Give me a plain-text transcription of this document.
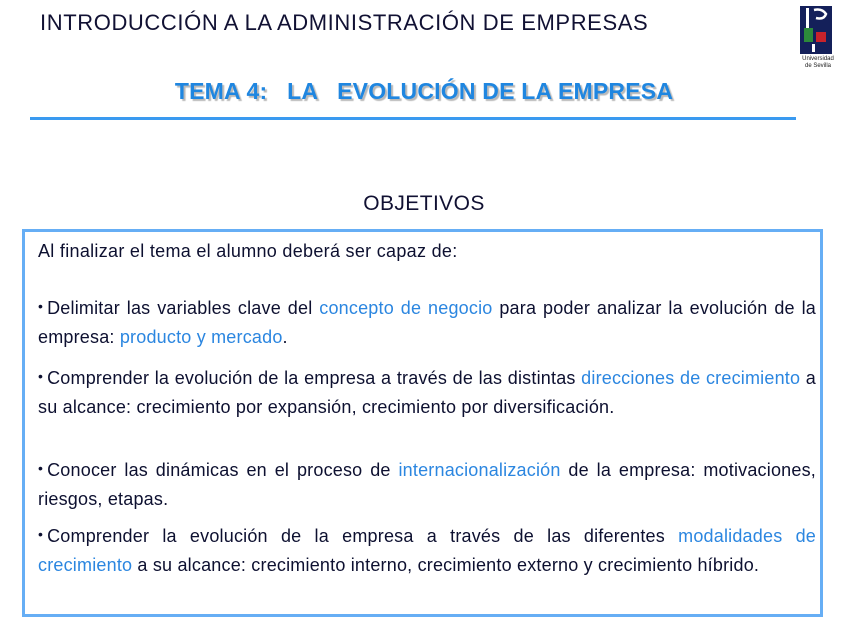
INTRODUCCIÓN A LA ADMINISTRACIÓN DE EMPRESAS
Universidad
de Sevilla
TEMA 4:   LA   EVOLUCIÓN DE LA EMPRESA
OBJETIVOS
Al finalizar el tema el alumno deberá ser capaz de:
• Delimitar las variables clave del concepto de negocio para poder analizar la evolución de la empresa: producto y mercado.
• Comprender la evolución de la empresa a través de las distintas direcciones de crecimiento a su alcance: crecimiento por expansión, crecimiento por diversificación.
• Conocer las dinámicas en el proceso de internacionalización de la empresa: motivaciones, riesgos, etapas.
• Comprender la evolución de la empresa a través de las diferentes modalidades de crecimiento a su alcance: crecimiento interno, crecimiento externo y crecimiento híbrido.
